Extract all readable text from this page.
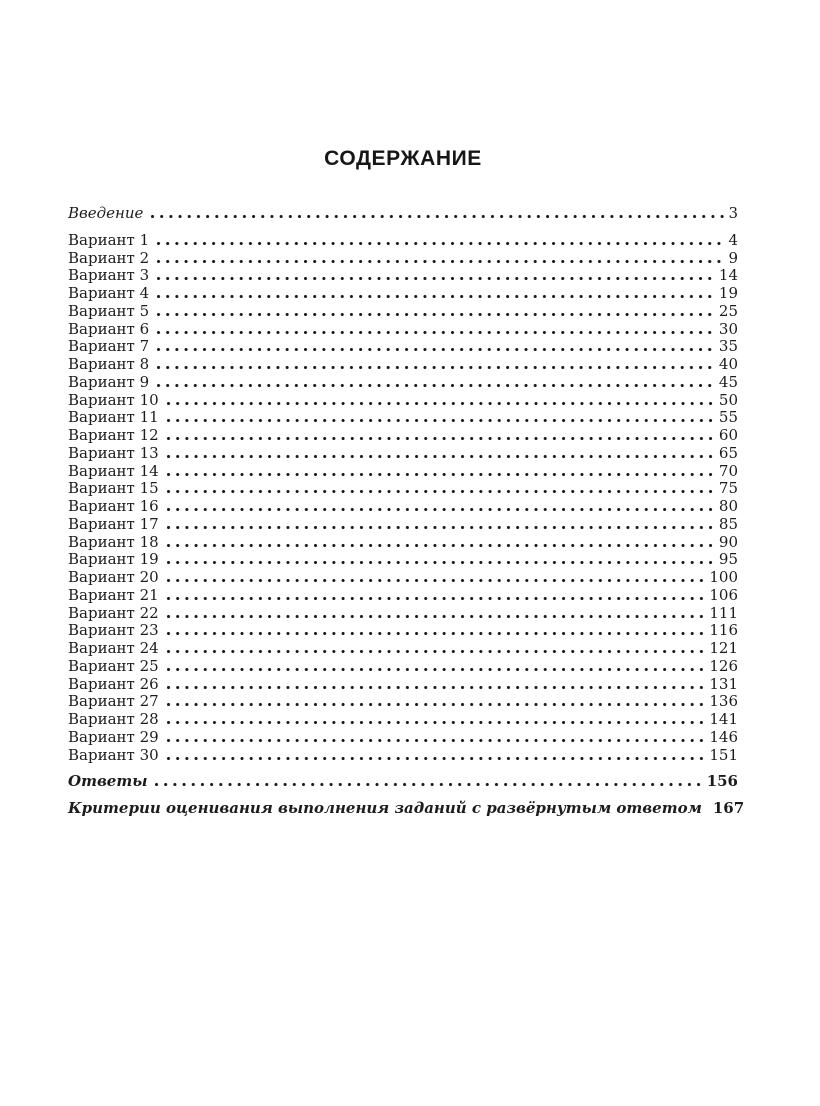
СОДЕРЖАНИЕ
Введение	3
Вариант 1	4
Вариант 2	9
Вариант 3	14
Вариант 4	19
Вариант 5	25
Вариант 6	30
Вариант 7	35
Вариант 8	40
Вариант 9	45
Вариант 10	50
Вариант 11	55
Вариант 12	60
Вариант 13	65
Вариант 14	70
Вариант 15	75
Вариант 16	80
Вариант 17	85
Вариант 18	90
Вариант 19	95
Вариант 20	100
Вариант 21	106
Вариант 22	111
Вариант 23	116
Вариант 24	121
Вариант 25	126
Вариант 26	131
Вариант 27	136
Вариант 28	141
Вариант 29	146
Вариант 30	151
Ответы	156
Критерии оценивания выполнения заданий с развёрнутым ответом 167
